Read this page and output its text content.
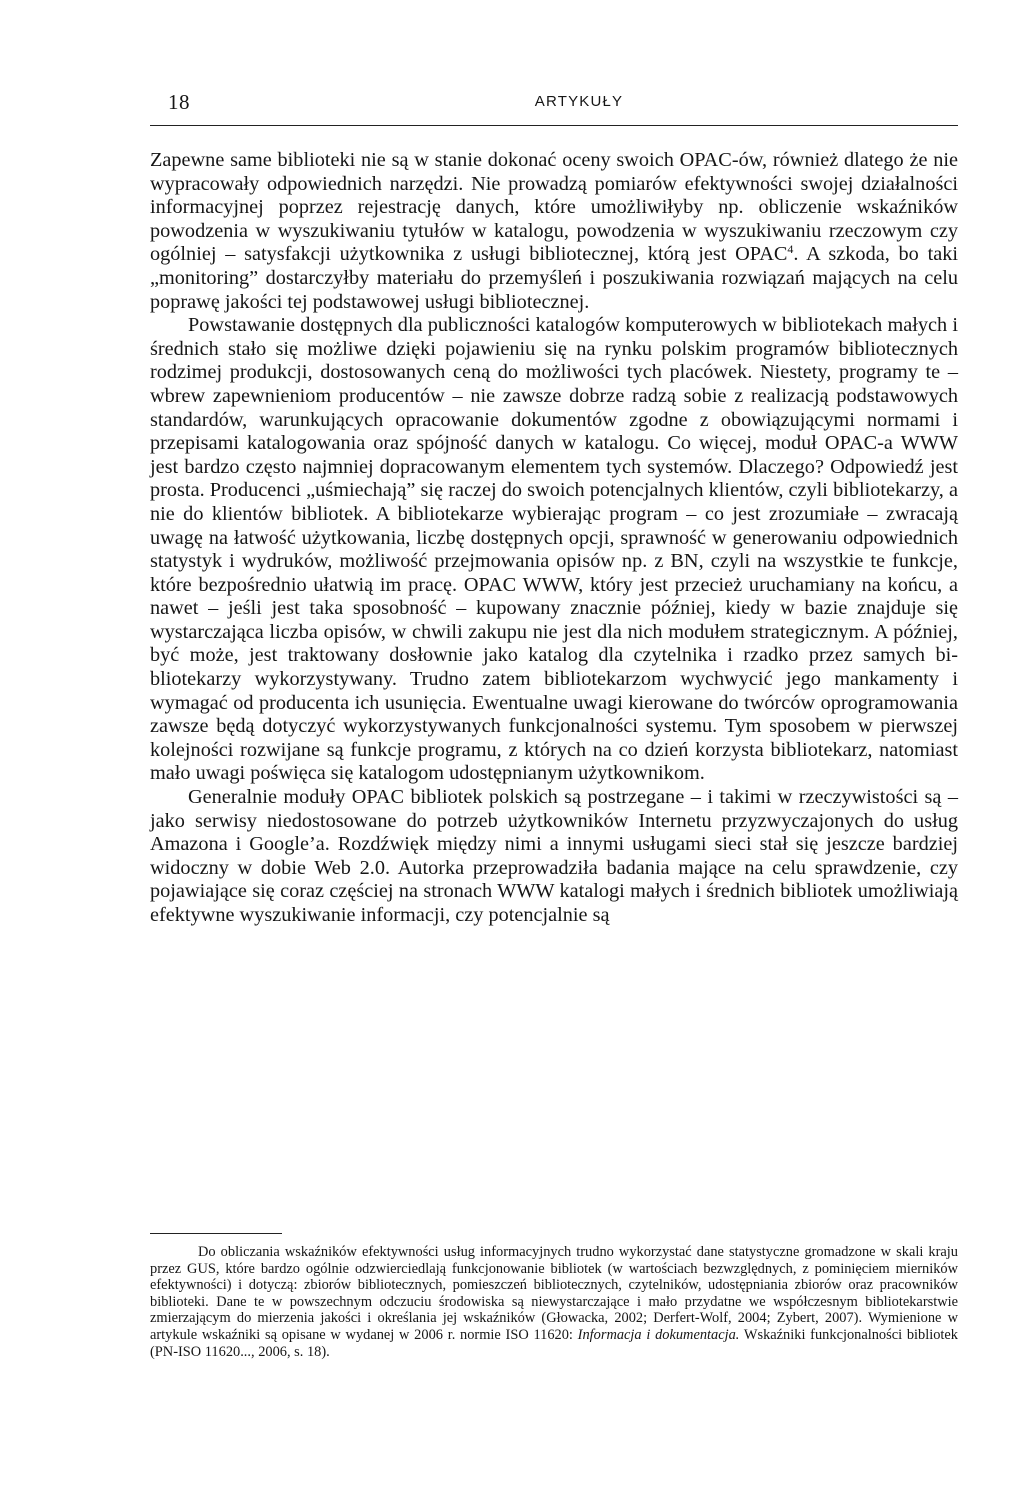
18	ARTYKUŁY

Zapewne same biblioteki nie są w stanie dokonać oceny swoich OPAC-ów, również dlatego że nie wypracowały odpowiednich narzędzi. Nie prowadzą pomiarów efektywności swojej działalności informacyjnej poprzez rejestrację danych, które umożliwiłyby np. obliczenie wskaźników powodzenia w wyszukiwaniu tytułów w katalogu, powodzenia w wyszukiwaniu rzeczowym czy ogólniej – satysfakcji użytkownika z usługi bibliotecznej, którą jest OPAC$^4$. A szkoda, bo taki „monitoring” dostarczyłby materiału do przemyśleń i poszukiwania rozwiązań mających na celu poprawę jakości tej podstawowej usługi bibliotecznej.

Powstawanie dostępnych dla publiczności katalogów komputerowych w bibliotekach małych i średnich stało się możliwe dzięki pojawieniu się na rynku polskim programów bibliotecznych rodzimej produkcji, dostosowanych ceną do możliwości tych placówek. Niestety, programy te – wbrew zapewnieniom producentów – nie zawsze dobrze radzą sobie z realizacją podstawowych standardów, warunkujących opracowanie dokumentów zgodne z obowiązującymi normami i przepisami katalogowania oraz spójność danych w katalogu. Co więcej, moduł OPAC-a WWW jest bardzo często najmniej dopracowanym elementem tych systemów. Dlaczego? Odpowiedź jest prosta. Producenci „uśmiechają” się raczej do swoich potencjalnych klientów, czyli bibliotekarzy, a nie do klientów bibliotek. A bibliotekarze wybierając program – co jest zrozumiałe – zwracają uwagę na łatwość użytkowania, liczbę dostępnych opcji, sprawność w generowaniu odpowiednich statystyk i wydruków, możliwość przejmowania opisów np. z BN, czyli na wszystkie te funkcje, które bezpośrednio ułatwią im pracę. OPAC WWW, który jest przecież uruchamiany na końcu, a nawet – jeśli jest taka sposobność – kupowany znacznie później, kiedy w bazie znajduje się wystarczająca liczba opisów, w chwili zakupu nie jest dla nich modułem strategicznym. A później, być może, jest traktowany dosłownie jako katalog dla czytelnika i rzadko przez samych bibliotekarzy wykorzystywany. Trudno zatem bibliotekarzom wychwycić jego mankamenty i wymagać od producenta ich usunięcia. Ewentualne uwagi kierowane do twórców oprogramowania zawsze będą dotyczyć wykorzystywanych funkcjonalności systemu. Tym sposobem w pierwszej kolejności rozwijane są funkcje programu, z których na co dzień korzysta bibliotekarz, natomiast mało uwagi poświęca się katalogom udostępnianym użytkownikom.

Generalnie moduły OPAC bibliotek polskich są postrzegane – i takimi w rzeczywistości są – jako serwisy niedostosowane do potrzeb użytkowników Internetu przyzwyczajonych do usług Amazona i Google’a. Rozdźwięk między nimi a innymi usługami sieci stał się jeszcze bardziej widoczny w dobie Web 2.0. Autorka przeprowadziła badania mające na celu sprawdzenie, czy pojawiające się coraz częściej na stronach WWW katalogi małych i średnich bibliotek umożliwiają efektywne wyszukiwanie informacji, czy potencjalnie są

Do obliczania wskaźników efektywności usług informacyjnych trudno wykorzystać dane statystyczne gromadzone w skali kraju przez GUS, które bardzo ogólnie odzwierciedlają funkcjonowanie bibliotek (w wartościach bezwzględnych, z pominięciem mierników efektywności) i dotyczą: zbiorów bibliotecznych, pomieszczeń bibliotecznych, czytelników, udostępniania zbiorów oraz pracowników biblioteki. Dane te w powszechnym odczuciu środowiska są niewystarczające i mało przydatne we współczesnym bibliotekarstwie zmierzającym do mierzenia jakości i określania jej wskaźników (Głowacka, 2002; Derfert-Wolf, 2004; Zybert, 2007). Wymienione w artykule wskaźniki są opisane w wydanej w 2006 r. normie ISO 11620: Informacja i dokumentacja. Wskaźniki funkcjonalności bibliotek (PN-ISO 11620..., 2006, s. 18).
